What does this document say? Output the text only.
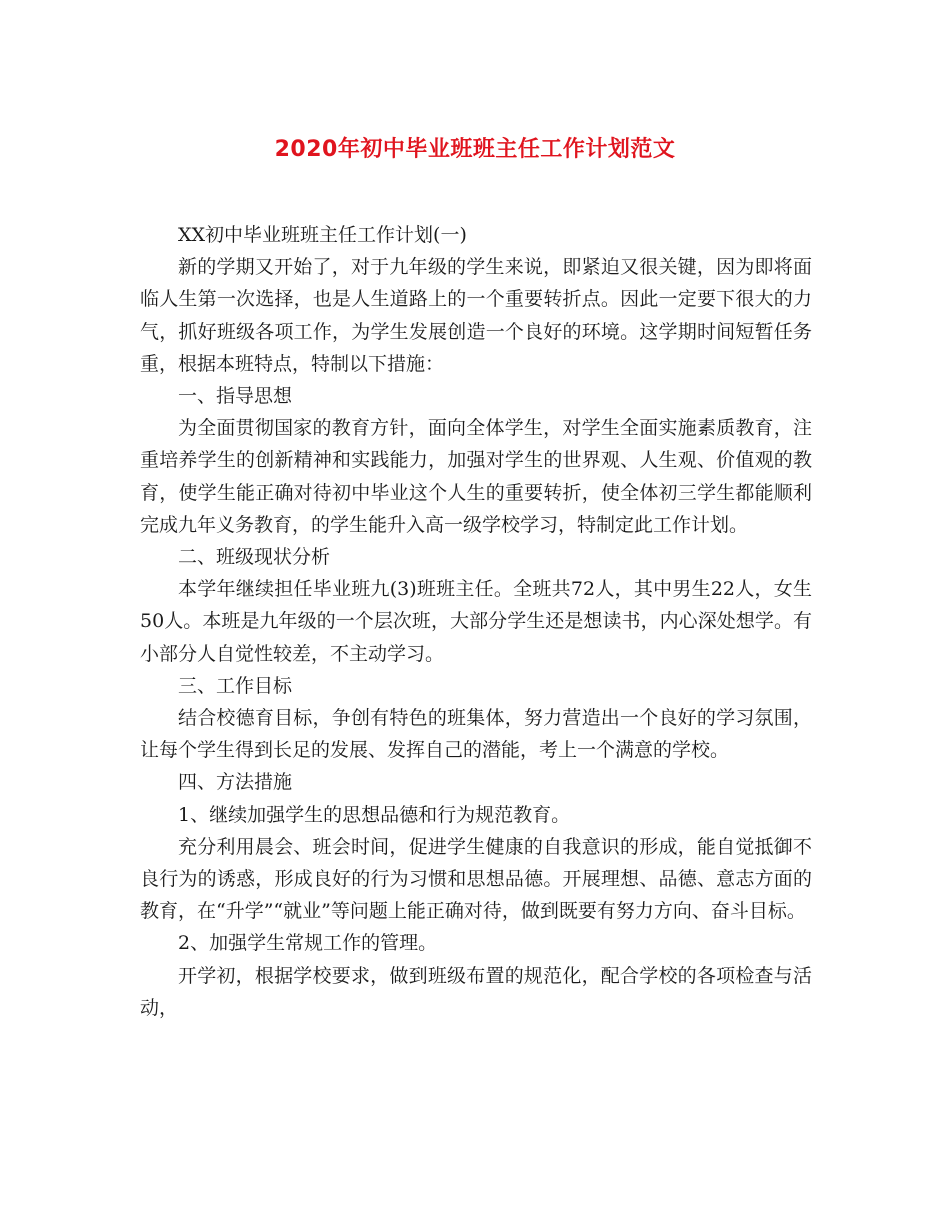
2020年初中毕业班班主任工作计划范文

XX初中毕业班班主任工作计划(一)

新的学期又开始了，对于九年级的学生来说，即紧迫又很关键，因为即将面临人生第一次选择，也是人生道路上的一个重要转折点。因此一定要下很大的力气，抓好班级各项工作，为学生发展创造一个良好的环境。这学期时间短暂任务重，根据本班特点，特制以下措施：

一、指导思想

为全面贯彻国家的教育方针，面向全体学生，对学生全面实施素质教育，注重培养学生的创新精神和实践能力，加强对学生的世界观、人生观、价值观的教育，使学生能正确对待初中毕业这个人生的重要转折，使全体初三学生都能顺利完成九年义务教育，的学生能升入高一级学校学习，特制定此工作计划。

二、班级现状分析

本学年继续担任毕业班九(3)班班主任。全班共72人，其中男生22人，女生50人。本班是九年级的一个层次班，大部分学生还是想读书，内心深处想学。有小部分人自觉性较差，不主动学习。

三、工作目标

结合校德育目标，争创有特色的班集体，努力营造出一个良好的学习氛围，让每个学生得到长足的发展、发挥自己的潜能，考上一个满意的学校。

四、方法措施

1、继续加强学生的思想品德和行为规范教育。

充分利用晨会、班会时间，促进学生健康的自我意识的形成，能自觉抵御不良行为的诱惑，形成良好的行为习惯和思想品德。开展理想、品德、意志方面的教育，在“升学”“就业”等问题上能正确对待，做到既要有努力方向、奋斗目标。

2、加强学生常规工作的管理。

开学初，根据学校要求，做到班级布置的规范化，配合学校的各项检查与活动，
